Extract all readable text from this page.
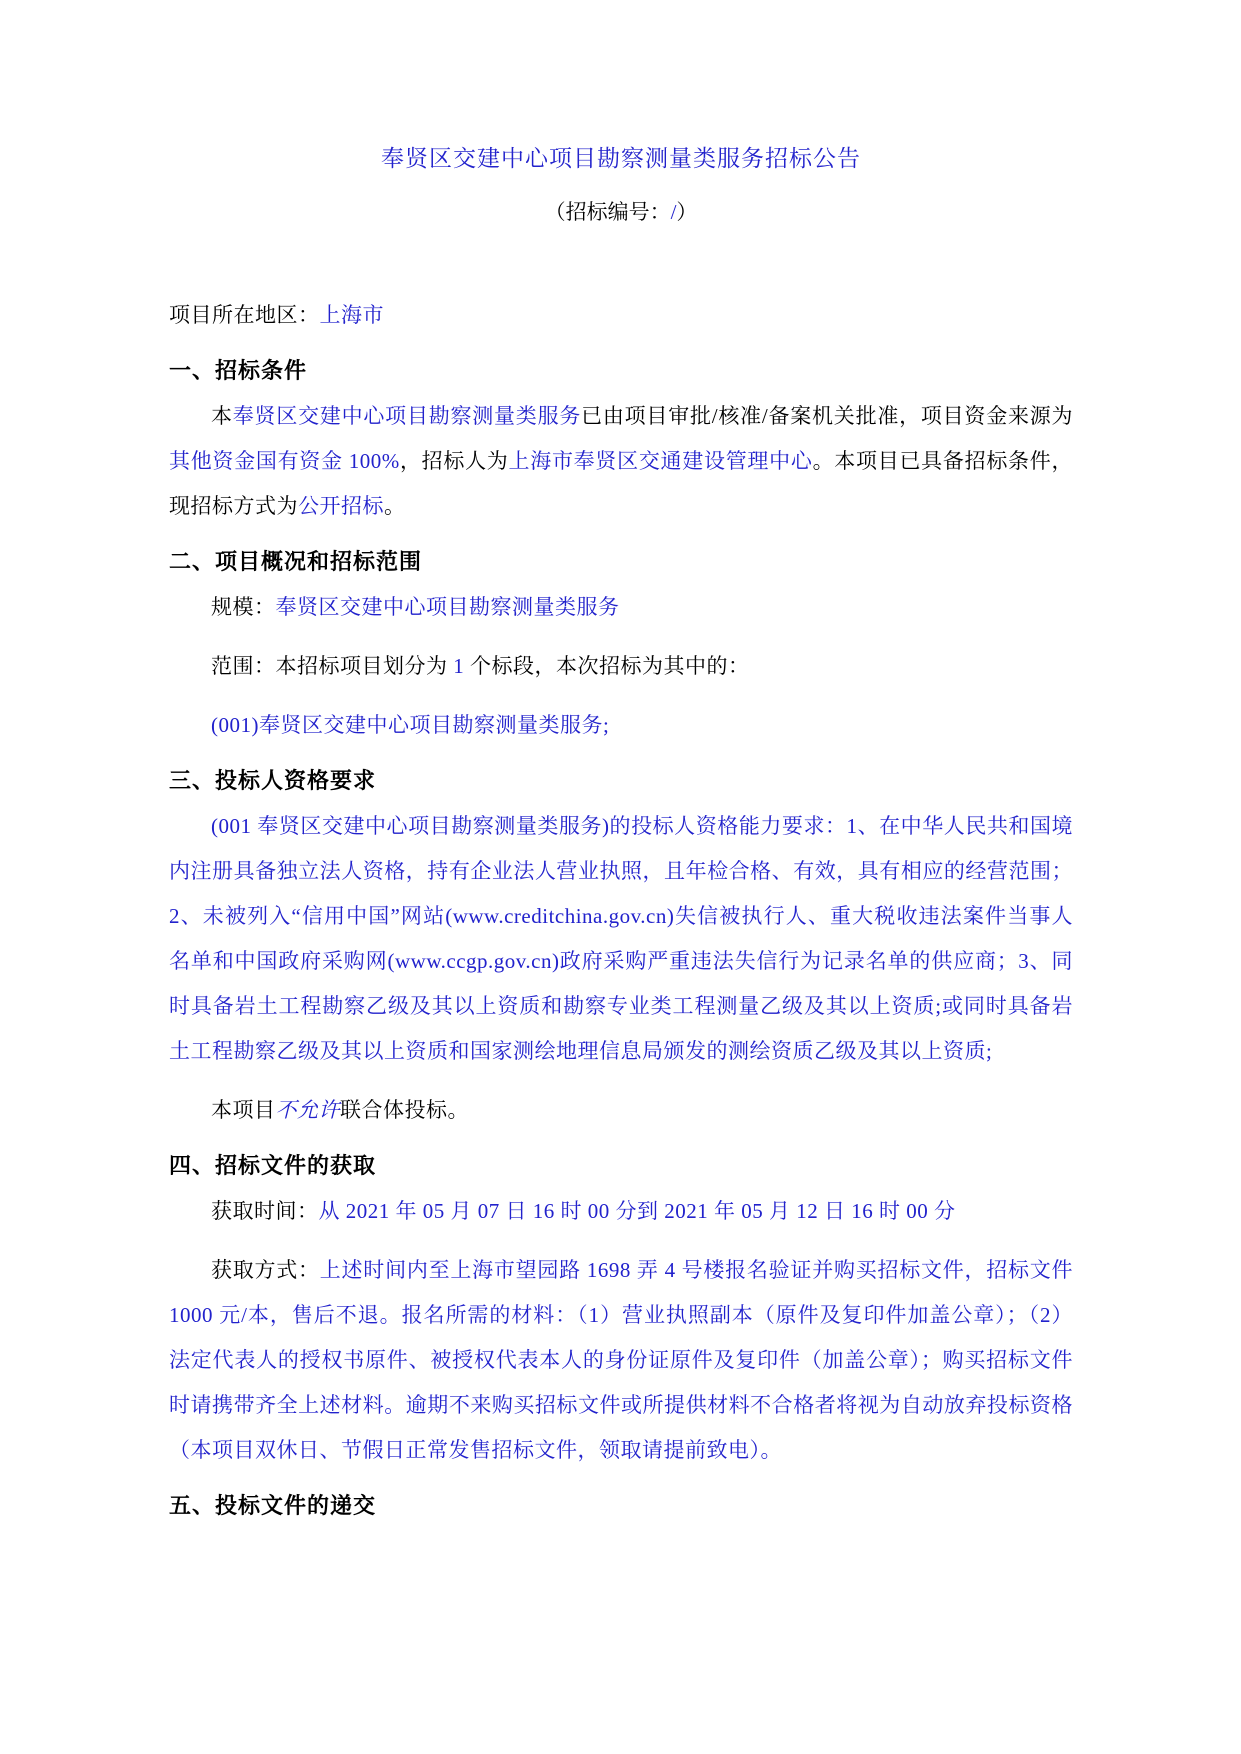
奉贤区交建中心项目勘察测量类服务招标公告
（招标编号：/）

项目所在地区：上海市

一、招标条件

本奉贤区交建中心项目勘察测量类服务已由项目审批/核准/备案机关批准，项目资金来源为其他资金国有资金 100%，招标人为上海市奉贤区交通建设管理中心。本项目已具备招标条件，现招标方式为公开招标。

二、项目概况和招标范围

规模：奉贤区交建中心项目勘察测量类服务

范围：本招标项目划分为 1 个标段，本次招标为其中的：

(001)奉贤区交建中心项目勘察测量类服务;

三、投标人资格要求

(001 奉贤区交建中心项目勘察测量类服务)的投标人资格能力要求：1、在中华人民共和国境内注册具备独立法人资格，持有企业法人营业执照，且年检合格、有效，具有相应的经营范围；2、未被列入“信用中国”网站(www.creditchina.gov.cn)失信被执行人、重大税收违法案件当事人名单和中国政府采购网(www.ccgp.gov.cn)政府采购严重违法失信行为记录名单的供应商；3、同时具备岩土工程勘察乙级及其以上资质和勘察专业类工程测量乙级及其以上资质;或同时具备岩土工程勘察乙级及其以上资质和国家测绘地理信息局颁发的测绘资质乙级及其以上资质;

本项目不允许联合体投标。

四、招标文件的获取

获取时间：从 2021 年 05 月 07 日 16 时 00 分到 2021 年 05 月 12 日 16 时 00 分

获取方式：上述时间内至上海市望园路 1698 弄 4 号楼报名验证并购买招标文件，招标文件 1000 元/本，售后不退。报名所需的材料：（1）营业执照副本（原件及复印件加盖公章）；（2）法定代表人的授权书原件、被授权代表本人的身份证原件及复印件（加盖公章）；购买招标文件时请携带齐全上述材料。逾期不来购买招标文件或所提供材料不合格者将视为自动放弃投标资格（本项目双休日、节假日正常发售招标文件，领取请提前致电）。

五、投标文件的递交
